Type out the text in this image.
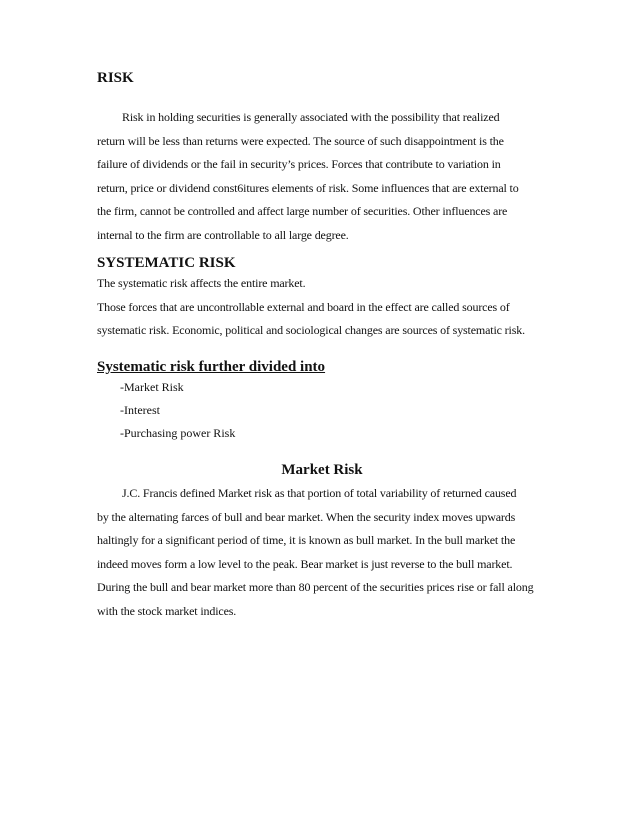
RISK

Risk in holding securities is generally associated with the possibility that realized
return will be less than returns were expected. The source of such disappointment is the
failure of dividends or the fail in security’s prices. Forces that contribute to variation in
return, price or dividend const6itures elements of risk. Some influences that are external to
the firm, cannot be controlled and affect large number of securities. Other influences are
internal to the firm are controllable to all large degree.

SYSTEMATIC RISK

The systematic risk affects the entire market.
Those forces that are uncontrollable external and board in the effect are called sources of
systematic risk. Economic, political and sociological changes are sources of systematic risk.

Systematic risk further divided into
-Market Risk
-Interest
-Purchasing power Risk
Market Risk

J.C. Francis defined Market risk as that portion of total variability of returned caused
by the alternating farces of bull and bear market. When the security index moves upwards
haltingly for a significant period of time, it is known as bull market. In the bull market the
indeed moves form a low level to the peak. Bear market is just reverse to the bull market.
During the bull and bear market more than 80 percent of the securities prices rise or fall along
with the stock market indices.
